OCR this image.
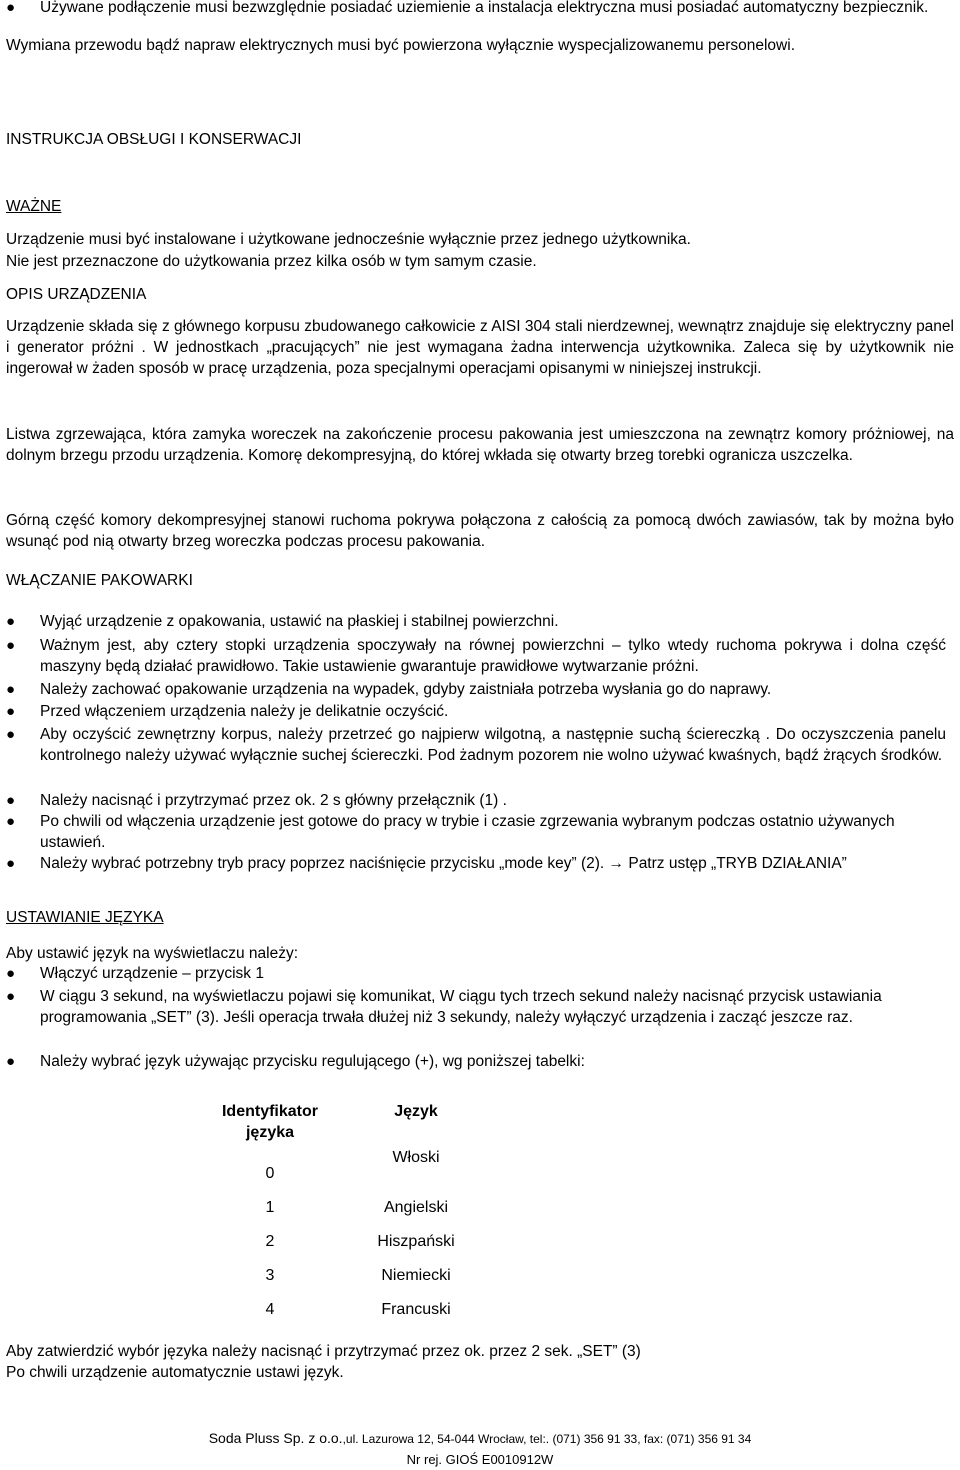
●	Używane podłączenie musi bezwzględnie posiadać uziemienie a instalacja elektryczna musi posiadać automatyczny bezpiecznik.
Wymiana przewodu bądź napraw elektrycznych musi być powierzona wyłącznie wyspecjalizowanemu personelowi.
INSTRUKCJA OBSŁUGI I KONSERWACJI
WAŻNE
Urządzenie musi być instalowane i użytkowane jednocześnie wyłącznie przez jednego użytkownika.
Nie jest przeznaczone do użytkowania przez kilka osób w tym samym czasie.
OPIS URZĄDZENIA
Urządzenie składa się z głównego korpusu zbudowanego całkowicie z AISI 304 stali nierdzewnej, wewnątrz znajduje się elektryczny panel i generator próżni . W jednostkach „pracujących” nie jest wymagana żadna interwencja użytkownika. Zaleca się by użytkownik nie ingerował w żaden sposób w pracę urządzenia, poza specjalnymi operacjami opisanymi w niniejszej instrukcji.
Listwa zgrzewająca, która zamyka woreczek na zakończenie procesu pakowania jest umieszczona na zewnątrz komory próżniowej, na dolnym brzegu przodu urządzenia. Komorę dekompresyjną, do której wkłada się otwarty brzeg torebki ogranicza uszczelka.
Górną część komory dekompresyjnej stanowi ruchoma pokrywa połączona z całością za pomocą dwóch zawiasów, tak by można było wsunąć pod nią otwarty brzeg woreczka podczas procesu pakowania.
WŁĄCZANIE PAKOWARKI
●	Wyjąć urządzenie z opakowania, ustawić na płaskiej i stabilnej powierzchni.
●	Ważnym jest, aby cztery stopki urządzenia spoczywały na równej powierzchni – tylko wtedy ruchoma pokrywa i dolna część maszyny będą działać prawidłowo. Takie ustawienie gwarantuje prawidłowe wytwarzanie próżni.
●	Należy zachować opakowanie urządzenia na wypadek, gdyby zaistniała potrzeba wysłania go do naprawy.
●	Przed włączeniem urządzenia należy je delikatnie oczyścić.
●	Aby oczyścić zewnętrzny korpus, należy przetrzeć go najpierw wilgotną, a następnie suchą ściereczką . Do oczyszczenia panelu kontrolnego należy używać wyłącznie suchej ściereczki. Pod żadnym pozorem nie wolno używać kwaśnych, bądź żrących środków.
●	Należy nacisnąć i przytrzymać przez ok. 2 s główny przełącznik (1) .
●	Po chwili od włączenia urządzenie jest gotowe do pracy w trybie i czasie zgrzewania wybranym podczas ostatnio używanych ustawień.
●	Należy wybrać potrzebny tryb pracy poprzez naciśnięcie przycisku „mode key” (2). → Patrz ustęp „TRYB DZIAŁANIA”
USTAWIANIE JĘZYKA
Aby ustawić język na wyświetlaczu należy:
●	Włączyć urządzenie – przycisk 1
●	W ciągu 3 sekund, na wyświetlaczu pojawi się komunikat, W ciągu tych trzech sekund należy nacisnąć przycisk ustawiania programowania „SET” (3). Jeśli operacja trwała dłużej niż 3 sekundy, należy wyłączyć urządzenia i zacząć jeszcze raz.
●	Należy wybrać język używając przycisku regulującego (+), wg poniższej tabelki:
Identyfikator języka	Język
0	Włoski
1	Angielski
2	Hiszpański
3	Niemiecki
4	Francuski
Aby zatwierdzić wybór języka należy nacisnąć i przytrzymać przez ok. przez 2 sek. „SET” (3)
Po chwili urządzenie automatycznie ustawi język.
Soda Pluss Sp. z o.o.,ul. Lazurowa 12, 54-044 Wrocław, tel:. (071) 356 91 33, fax: (071) 356 91 34
Nr rej. GIOŚ E0010912W
